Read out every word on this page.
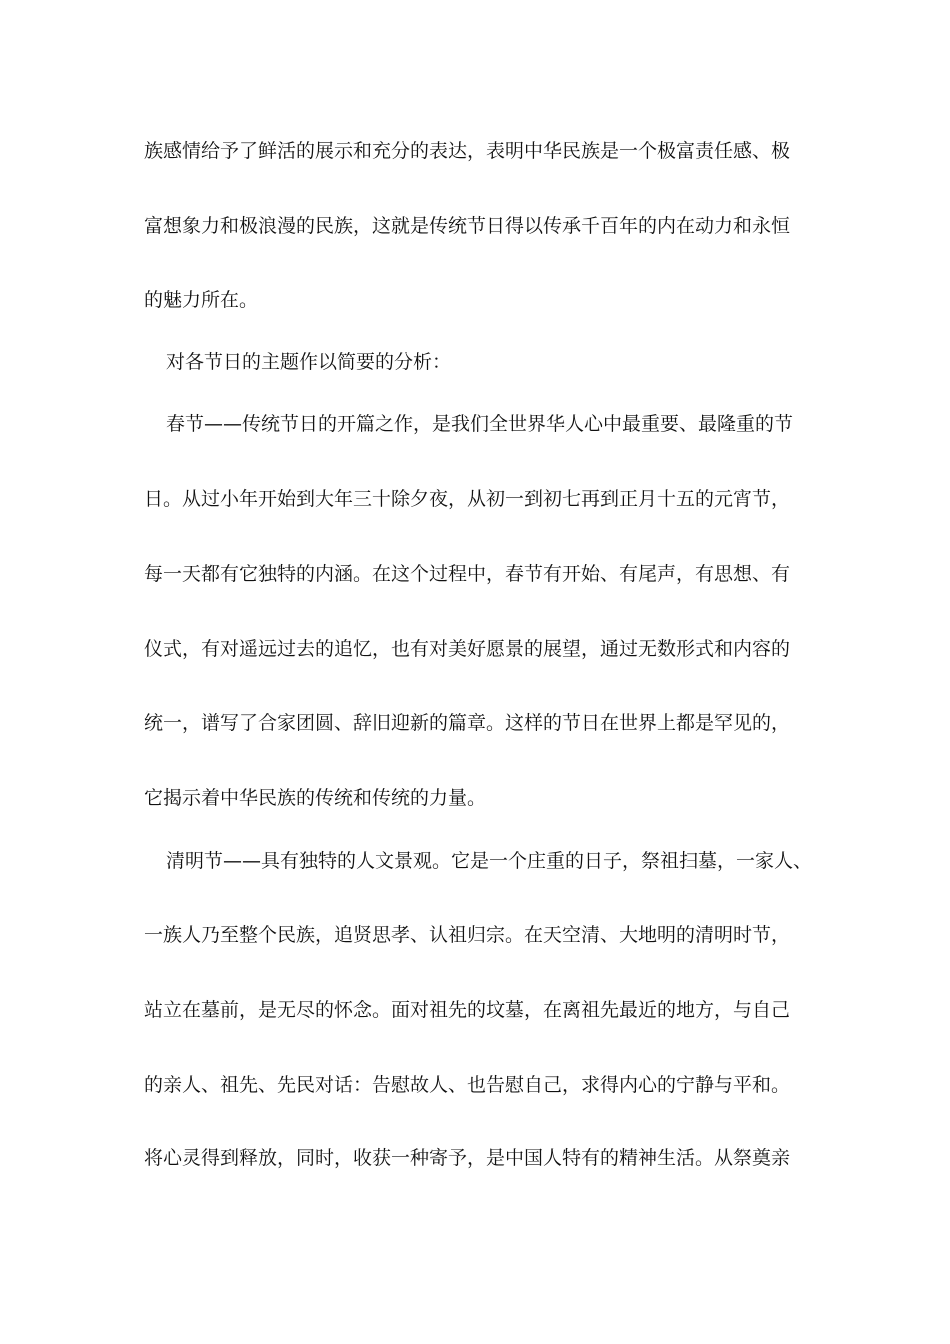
族感情给予了鲜活的展示和充分的表达，表明中华民族是一个极富责任感、极
富想象力和极浪漫的民族，这就是传统节日得以传承千百年的内在动力和永恒
的魅力所在。
对各节日的主题作以简要的分析：
春节——传统节日的开篇之作，是我们全世界华人心中最重要、最隆重的节
日。从过小年开始到大年三十除夕夜，从初一到初七再到正月十五的元宵节，
每一天都有它独特的内涵。在这个过程中，春节有开始、有尾声，有思想、有
仪式，有对遥远过去的追忆，也有对美好愿景的展望，通过无数形式和内容的
统一，谱写了合家团圆、辞旧迎新的篇章。这样的节日在世界上都是罕见的，
它揭示着中华民族的传统和传统的力量。
清明节——具有独特的人文景观。它是一个庄重的日子，祭祖扫墓，一家人、
一族人乃至整个民族，追贤思孝、认祖归宗。在天空清、大地明的清明时节，
站立在墓前，是无尽的怀念。面对祖先的坟墓，在离祖先最近的地方，与自己
的亲人、祖先、先民对话：告慰故人、也告慰自己，求得内心的宁静与平和。
将心灵得到释放，同时，收获一种寄予，是中国人特有的精神生活。从祭奠亲
